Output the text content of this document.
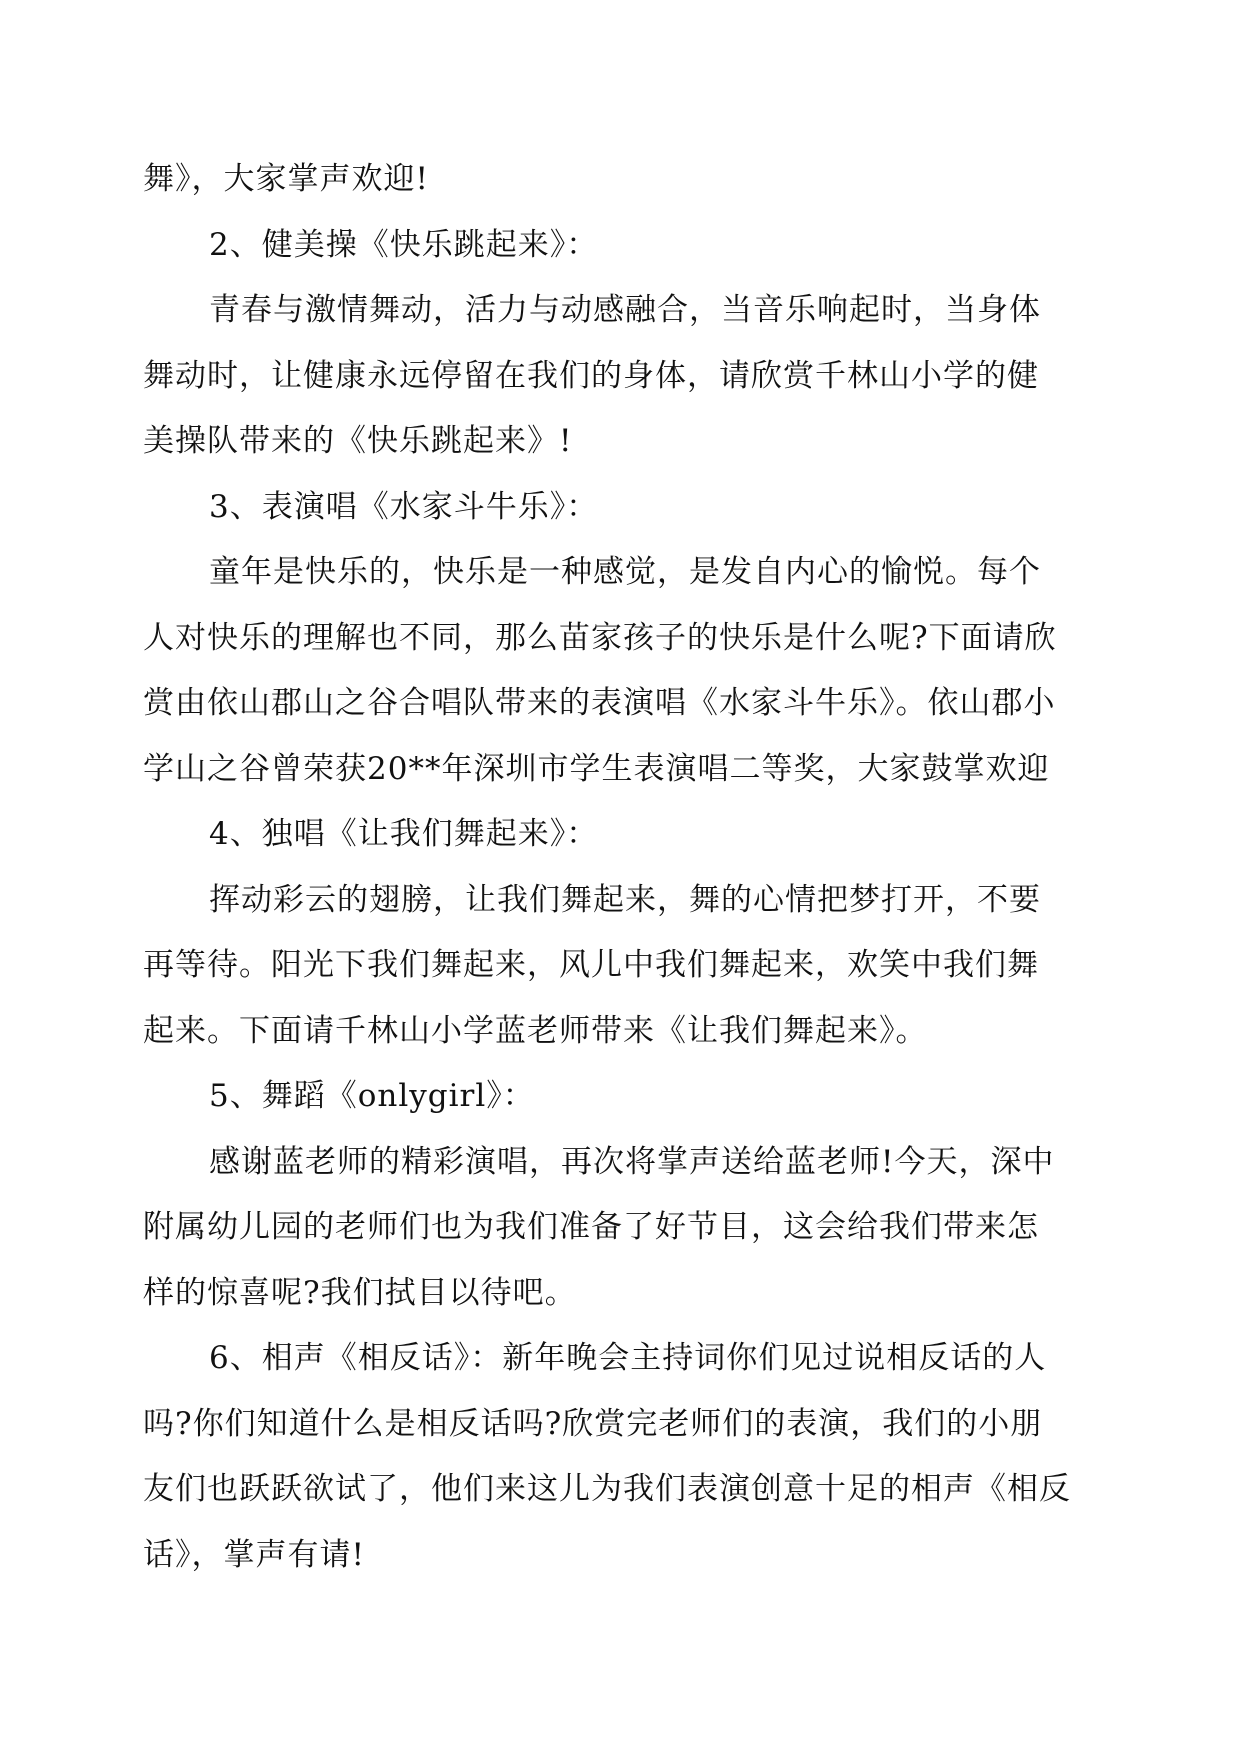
舞》，大家掌声欢迎!
2、健美操《快乐跳起来》：
青春与激情舞动，活力与动感融合，当音乐响起时，当身体
舞动时，让健康永远停留在我们的身体，请欣赏千林山小学的健
美操队带来的《快乐跳起来》!
3、表演唱《水家斗牛乐》：
童年是快乐的，快乐是一种感觉，是发自内心的愉悦。每个
人对快乐的理解也不同，那么苗家孩子的快乐是什么呢?下面请欣
赏由依山郡山之谷合唱队带来的表演唱《水家斗牛乐》。依山郡小
学山之谷曾荣获20**年深圳市学生表演唱二等奖，大家鼓掌欢迎
4、独唱《让我们舞起来》：
挥动彩云的翅膀，让我们舞起来，舞的心情把梦打开，不要
再等待。阳光下我们舞起来，风儿中我们舞起来，欢笑中我们舞
起来。下面请千林山小学蓝老师带来《让我们舞起来》。
5、舞蹈《onlygirl》：
感谢蓝老师的精彩演唱，再次将掌声送给蓝老师!今天，深中
附属幼儿园的老师们也为我们准备了好节目，这会给我们带来怎
样的惊喜呢?我们拭目以待吧。
6、相声《相反话》：新年晚会主持词你们见过说相反话的人
吗?你们知道什么是相反话吗?欣赏完老师们的表演，我们的小朋
友们也跃跃欲试了，他们来这儿为我们表演创意十足的相声《相反
话》，掌声有请!
